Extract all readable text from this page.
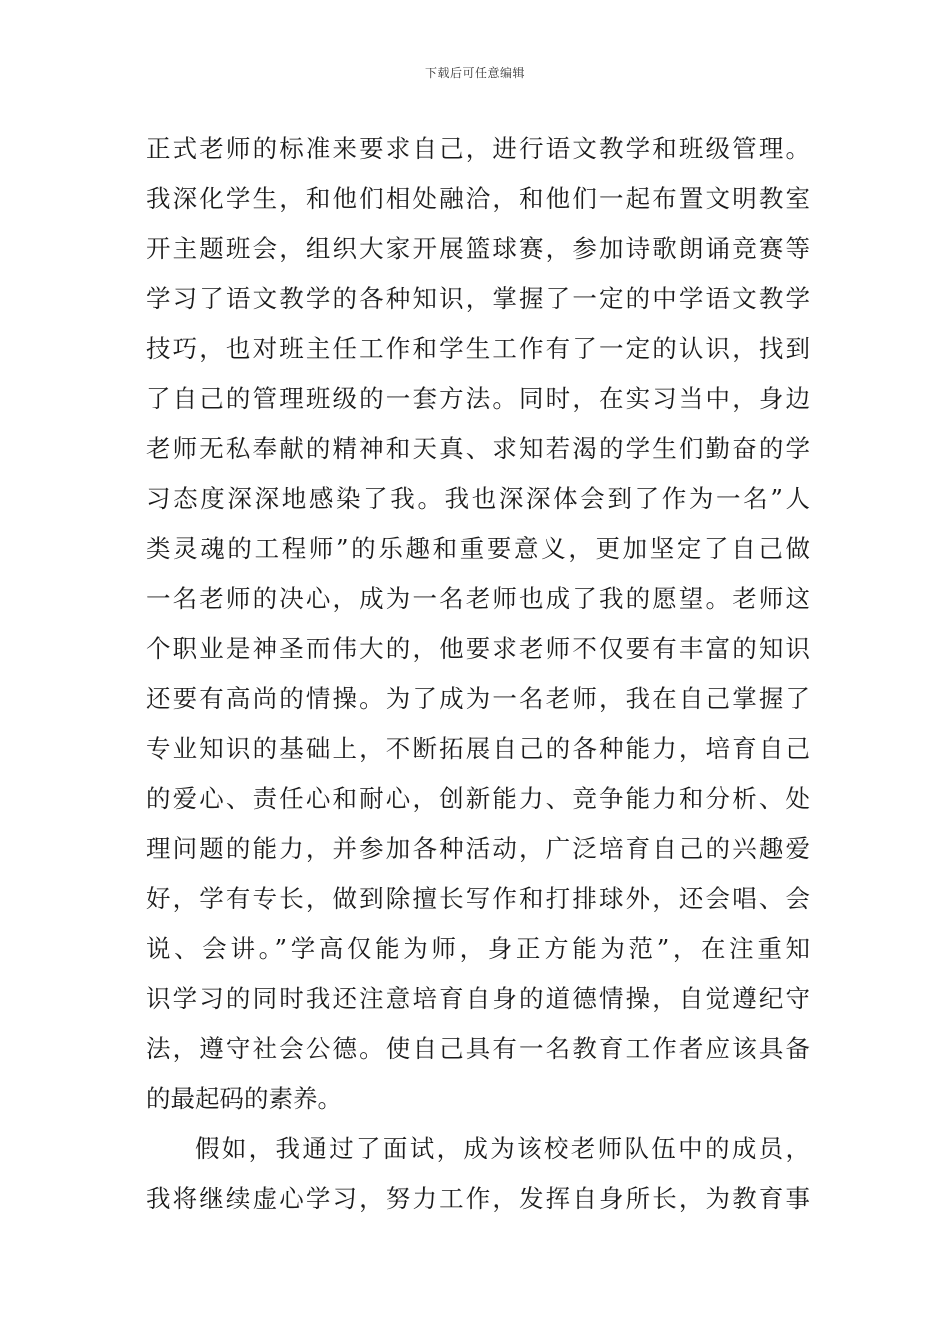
下载后可任意编辑
正式老师的标准来要求自己，进行语文教学和班级管理。
我深化学生，和他们相处融洽，和他们一起布置文明教室
开主题班会，组织大家开展篮球赛，参加诗歌朗诵竞赛等
学习了语文教学的各种知识，掌握了一定的中学语文教学
技巧，也对班主任工作和学生工作有了一定的认识，找到
了自己的管理班级的一套方法。同时，在实习当中，身边
老师无私奉献的精神和天真、求知若渴的学生们勤奋的学
习态度深深地感染了我。我也深深体会到了作为一名”人
类灵魂的工程师”的乐趣和重要意义，更加坚定了自己做
一名老师的决心，成为一名老师也成了我的愿望。老师这
个职业是神圣而伟大的，他要求老师不仅要有丰富的知识
还要有高尚的情操。为了成为一名老师，我在自己掌握了
专业知识的基础上，不断拓展自己的各种能力，培育自己
的爱心、责任心和耐心，创新能力、竞争能力和分析、处
理问题的能力，并参加各种活动，广泛培育自己的兴趣爱
好，学有专长，做到除擅长写作和打排球外，还会唱、会
说、会讲。”学高仅能为师，身正方能为范”，在注重知
识学习的同时我还注意培育自身的道德情操，自觉遵纪守
法，遵守社会公德。使自己具有一名教育工作者应该具备
的最起码的素养。
假如，我通过了面试，成为该校老师队伍中的成员，
我将继续虚心学习，努力工作，发挥自身所长，为教育事
